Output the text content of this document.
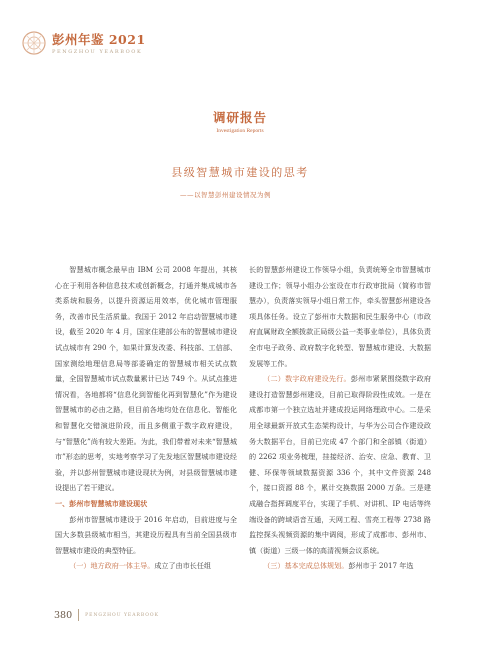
彭州年鉴 2021
PENGZHOU YEARBOOK
调研报告
Investigation Reports
县级智慧城市建设的思考
——以智慧彭州建设情况为例

智慧城市概念最早由 IBM 公司 2008 年提出，其核心在于利用各种信息技术或创新概念，打通并集成城市各类系统和服务，以提升资源运用效率，优化城市管理服务，改善市民生活质量。我国于 2012 年启动智慧城市建设，截至 2020 年 4 月，国家住建部公布的智慧城市建设试点城市有 290 个，如果计算发改委、科技部、工信部、国家测绘地理信息局等部委确定的智慧城市相关试点数量，全国智慧城市试点数量累计已达 749 个。从试点推进情况看，各地都将“信息化到智能化再到智慧化”作为建设智慧城市的必由之路，但目前各地均处在信息化、智能化和智慧化交错演进阶段，而且多侧重于数字政府建设，与“智慧化”尚有较大差距。为此，我们带着对未来“智慧城市”形态的思考，实地考察学习了先发地区智慧城市建设经验，并以彭州智慧城市建设现状为例，对县级智慧城市建设提出了若干建议。

一、彭州市智慧城市建设现状

彭州市智慧城市建设于 2016 年启动，目前进度与全国大多数县级城市相当，其建设历程具有当前全国县级市智慧城市建设的典型特征。

（一）地方政府一体主导。成立了由市长任组

长的智慧彭州建设工作领导小组，负责统筹全市智慧城市建设工作；领导小组办公室设在市行政审批局（简称市智慧办），负责落实领导小组日常工作，牵头智慧彭州建设各项具体任务。设立了彭州市大数据和民生服务中心（市政府直属财政全额拨款正局级公益一类事业单位），具体负责全市电子政务、政府数字化转型、智慧城市建设、大数据发展等工作。

（二）数字政府建设先行。彭州市紧紧围绕数字政府建设打造智慧彭州建设，目前已取得阶段性成效。一是在成都市第一个独立选址并建成投运网络理政中心。二是采用全球最新开放式生态架构设计，与华为公司合作建设政务大数据平台，目前已完成 47 个部门和全部镇（街道）的 2262 项业务梳理，挂接经济、治安、应急、教育、卫健、环保等领域数据资源 336 个，其中文件资源 248 个，接口资源 88 个，累计交换数据 2000 万条。三是建成融合指挥调度平台，实现了手机、对讲机、IP 电话等终端设备的跨域语音互通，天网工程、雪亮工程等 2738 路监控探头视频资源的集中调阅，形成了成都市、彭州市、镇（街道）三级一体的高清视频会议系统。

（三）基本完成总体规划。彭州市于 2017 年选

380	PENGZHOU YEARBOOK
